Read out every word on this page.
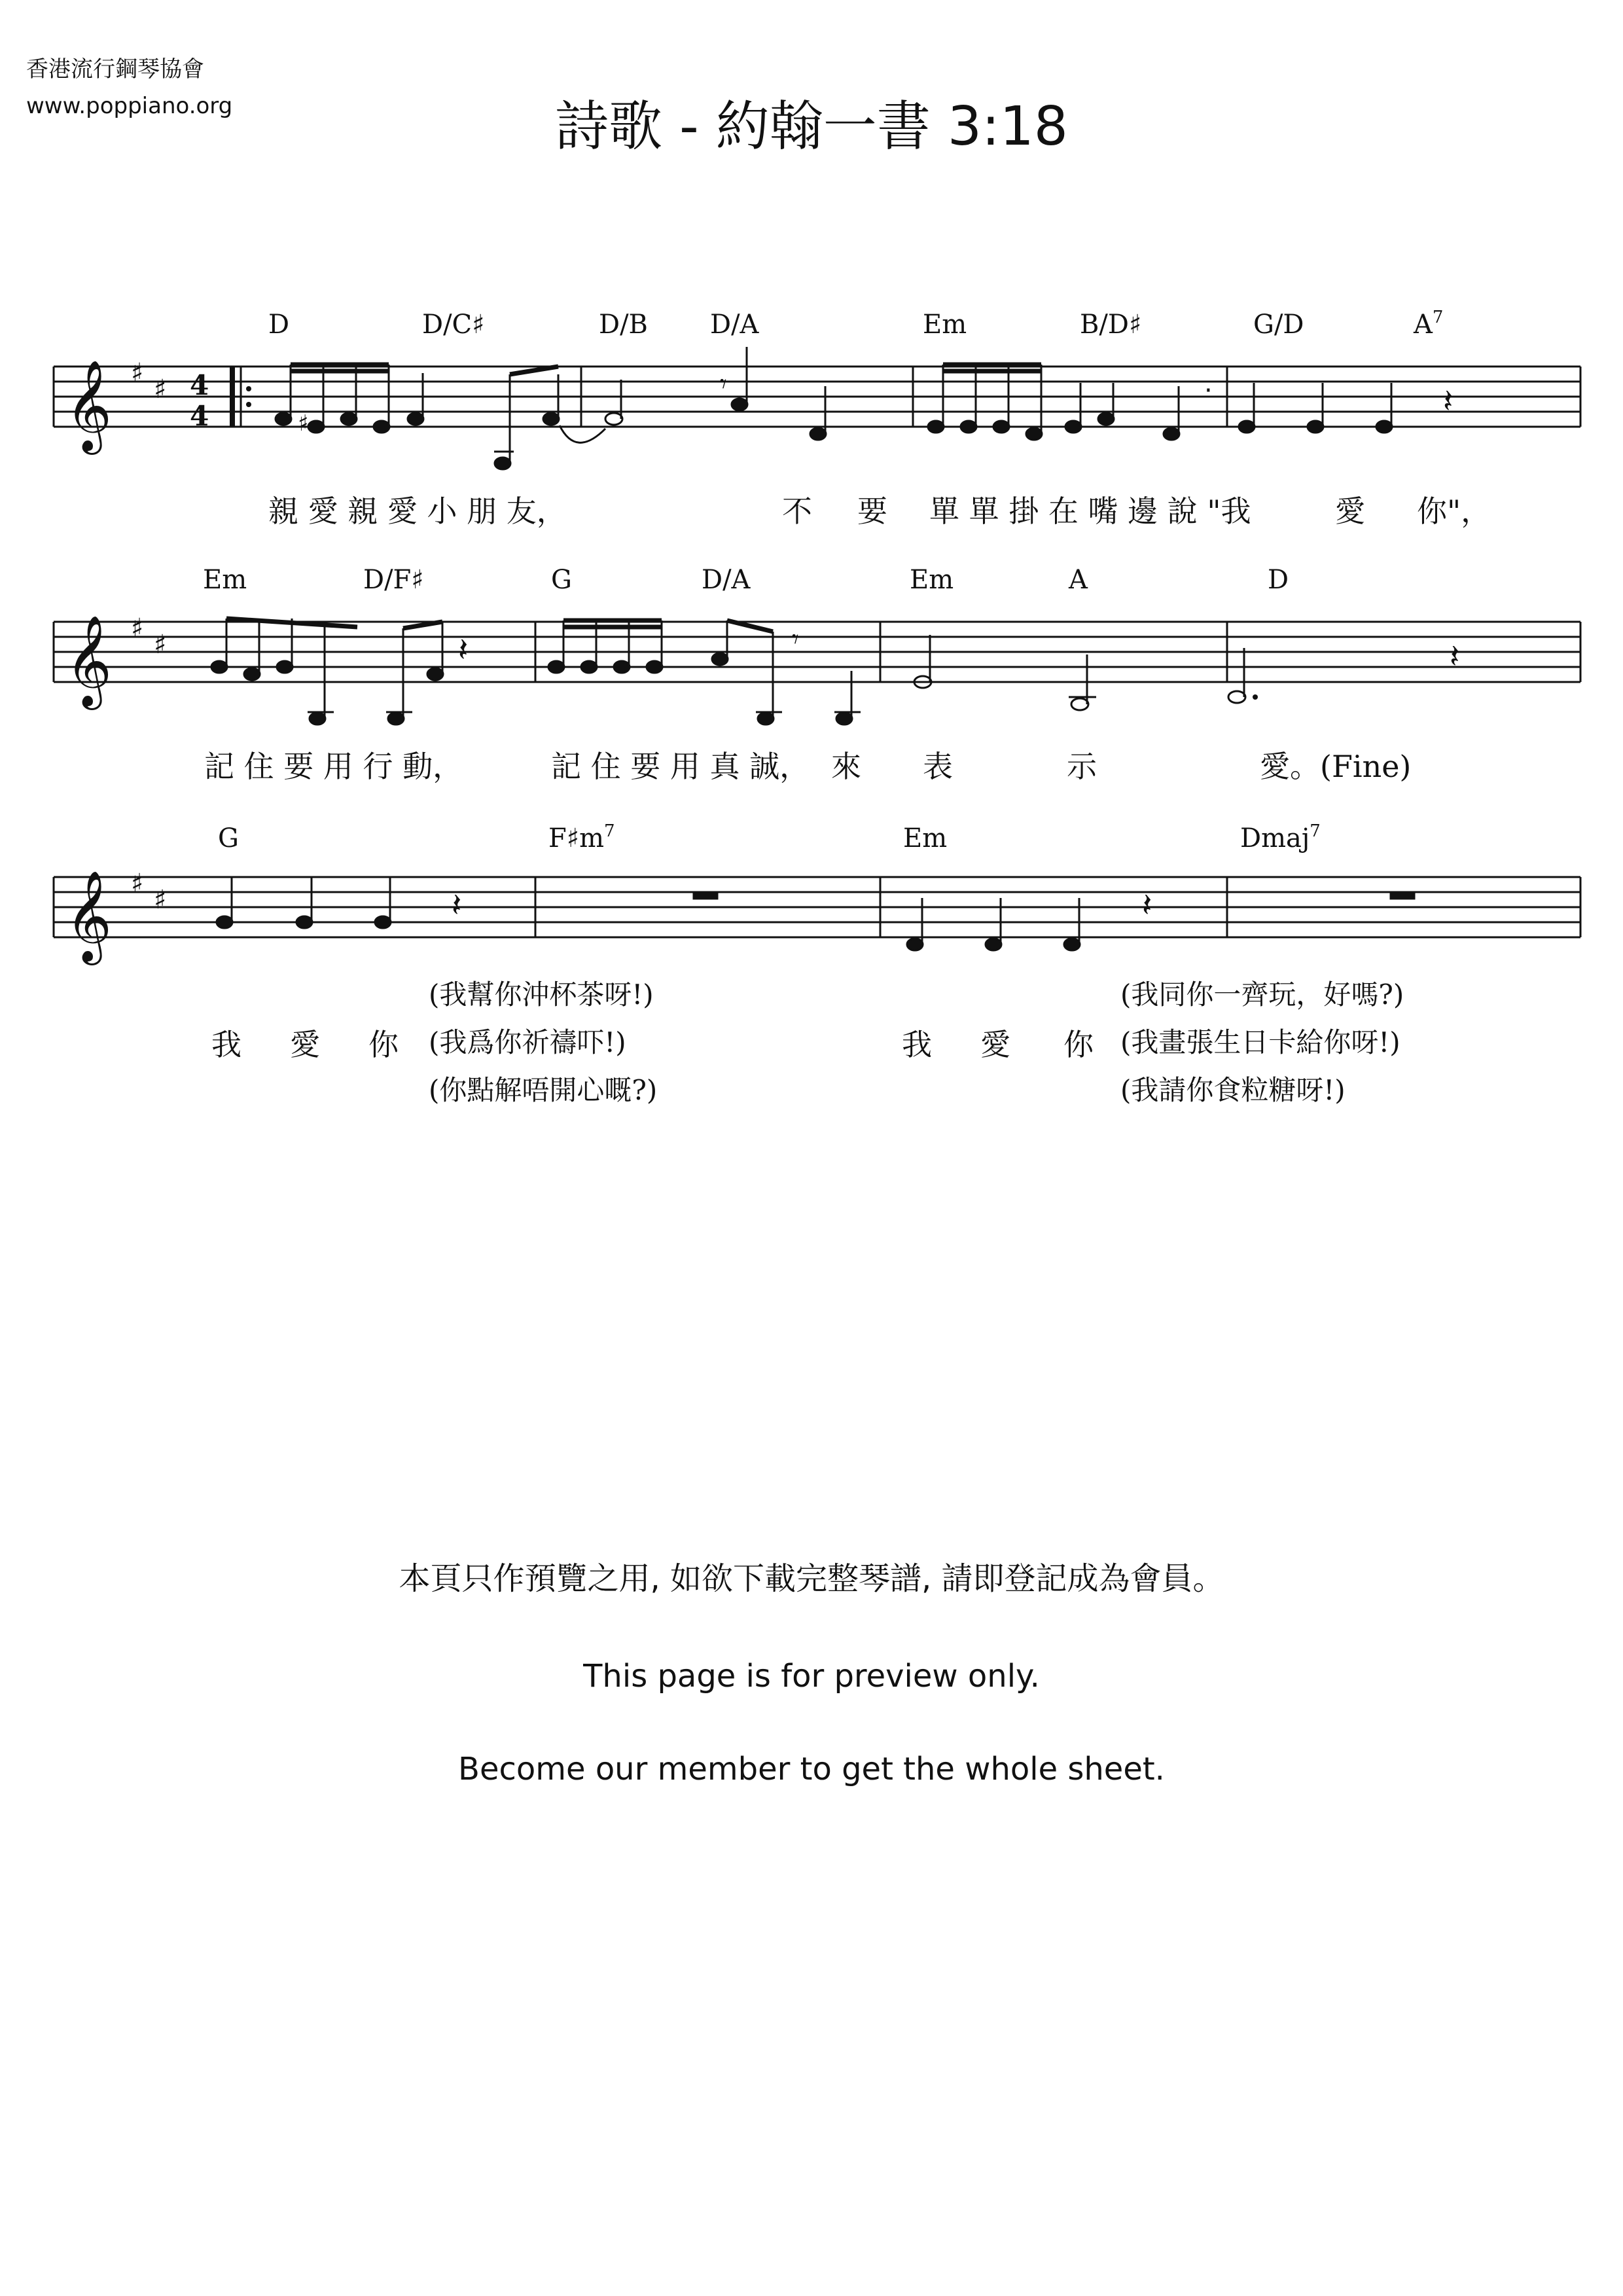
香港流行鋼琴協會
www.poppiano.org	詩歌 - 約翰一書 3:18
D	D/C♯	D/B D/A	Em	B/D♯	G/D	$A^7$
𝄞 ♯
♯ 4
4	♯
·
𝄾	𝄽
親 愛 親 愛 小 朋 友，	不 要 單 單 掛 在 嘴 邊 說 "我	愛 你"，
Em	D/F♯	G	D/A	Em	A	D
𝄞 ♯
♯	𝄽	𝄾	𝄽
記 住 要 用 行 動，	記 住 要 用 真 誠， 來 表	示	愛。(Fine)
G	$F♯m^7$	Em	Dmaj$^7$
𝄞 ♯
♯	𝄽	𝄽
(我幫你沖杯茶呀!)
(我爲你祈禱吓!)
(你點解唔開心嘅?)
我 愛 你
(我同你一齊玩，好嗎?)
(我畫張生日卡給你呀!)
(我請你食粒糖呀!)
我 愛 你
本頁只作預覽之用, 如欲下載完整琴譜, 請即登記成為會員。
This page is for preview only.
Become our member to get the whole sheet.
